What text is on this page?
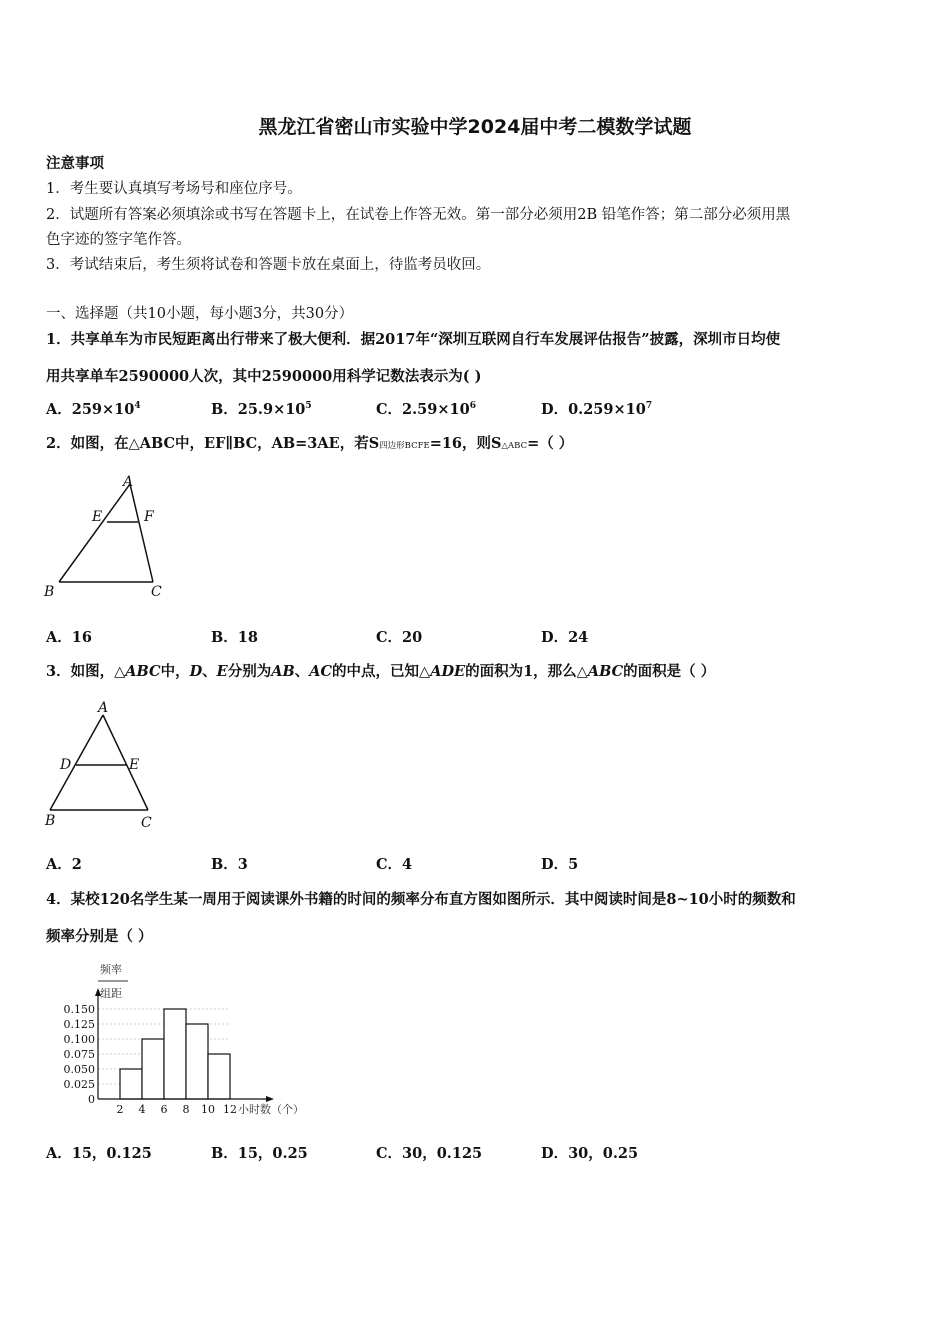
黑龙江省密山市实验中学2024届中考二模数学试题
注意事项
1．考生要认真填写考场号和座位序号。
2．试题所有答案必须填涂或书写在答题卡上，在试卷上作答无效。第一部分必须用2B 铅笔作答；第二部分必须用黑
色字迹的签字笔作答。
3．考试结束后，考生须将试卷和答题卡放在桌面上，待监考员收回。
一、选择题（共10小题，每小题3分，共30分）
1．共享单车为市民短距离出行带来了极大便利．据2017年“深圳互联网自行车发展评估报告”披露，深圳市日均使
用共享单车2590000人次，其中2590000用科学记数法表示为( )
A．$259\times 10^4$	B．$25.9\times 10^5$	C．$2.59\times 10^6$	D．$0.259\times 10^7$
2．如图，在△ABC中，EF∥BC，AB=3AE，若S四边形BCFE=16，则S△ABC=（ ）
A
E	F
B	C
A．16	B．18	C．20	D．24
3．如图，△ABC中，D、E分别为AB、AC的中点，已知△ADE的面积为1，那么△ABC的面积是（ ）
A
D	E
B	C
A．2	B．3	C．4	D．5
4．某校120名学生某一周用于阅读课外书籍的时间的频率分布直方图如图所示．其中阅读时间是8~10小时的频数和
频率分别是（ ）
频率
组距
0.025
0.050
0.075
0.100
0.125
0.150
2 4 6 8 10 12
0
小时数（个）
A．15，0.125	B．15，0.25	C．30，0.125	D．30，0.25
